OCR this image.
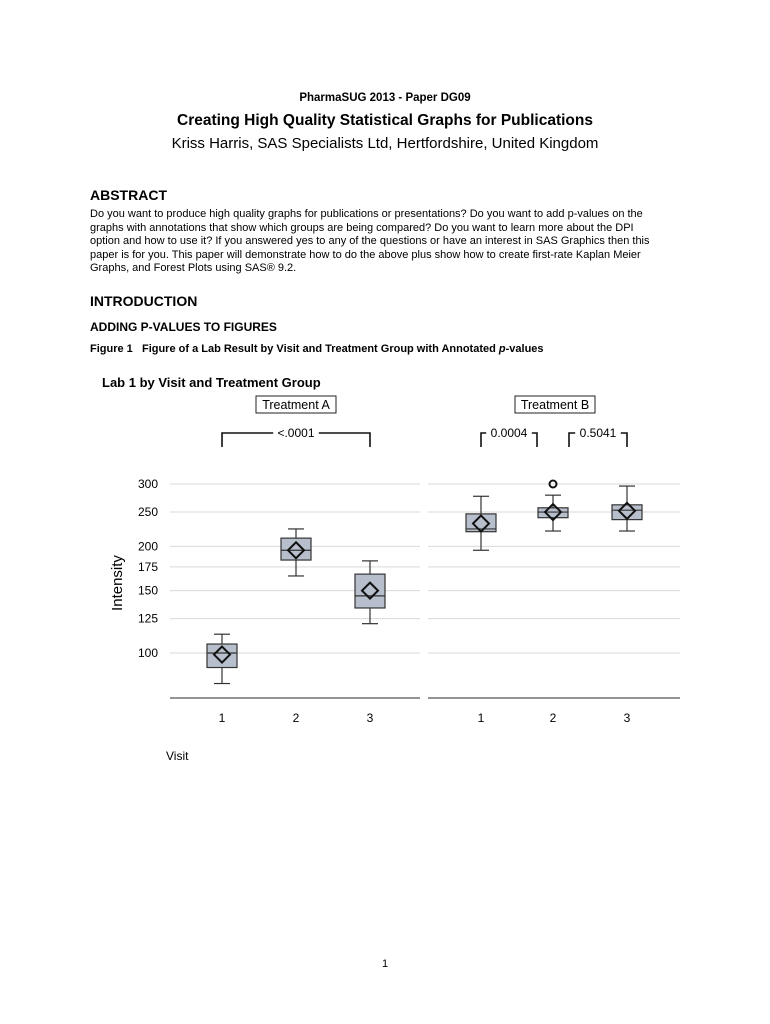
PharmaSUG 2013 - Paper DG09
Creating High Quality Statistical Graphs for Publications
Kriss Harris, SAS Specialists Ltd, Hertfordshire, United Kingdom
ABSTRACT

Do you want to produce high quality graphs for publications or presentations? Do you want to add p-values on the

graphs with annotations that show which groups are being compared? Do you want to learn more about the DPI

option and how to use it? If you answered yes to any of the questions or have an interest in SAS Graphics then this

paper is for you. This paper will demonstrate how to do the above plus show how to create first-rate Kaplan Meier

Graphs, and Forest Plots using SAS® 9.2.

INTRODUCTION
ADDING P-VALUES TO FIGURES
Figure 1 Figure of a Lab Result by Visit and Treatment Group with Annotated p-values
100
125
150
175
200
250
300
1	2	3
Treatment A
<.0001
1	2	3
Treatment B
0.0004	0.5041
Lab 1 by Visit and Treatment Group
Visit
Intensity
1
